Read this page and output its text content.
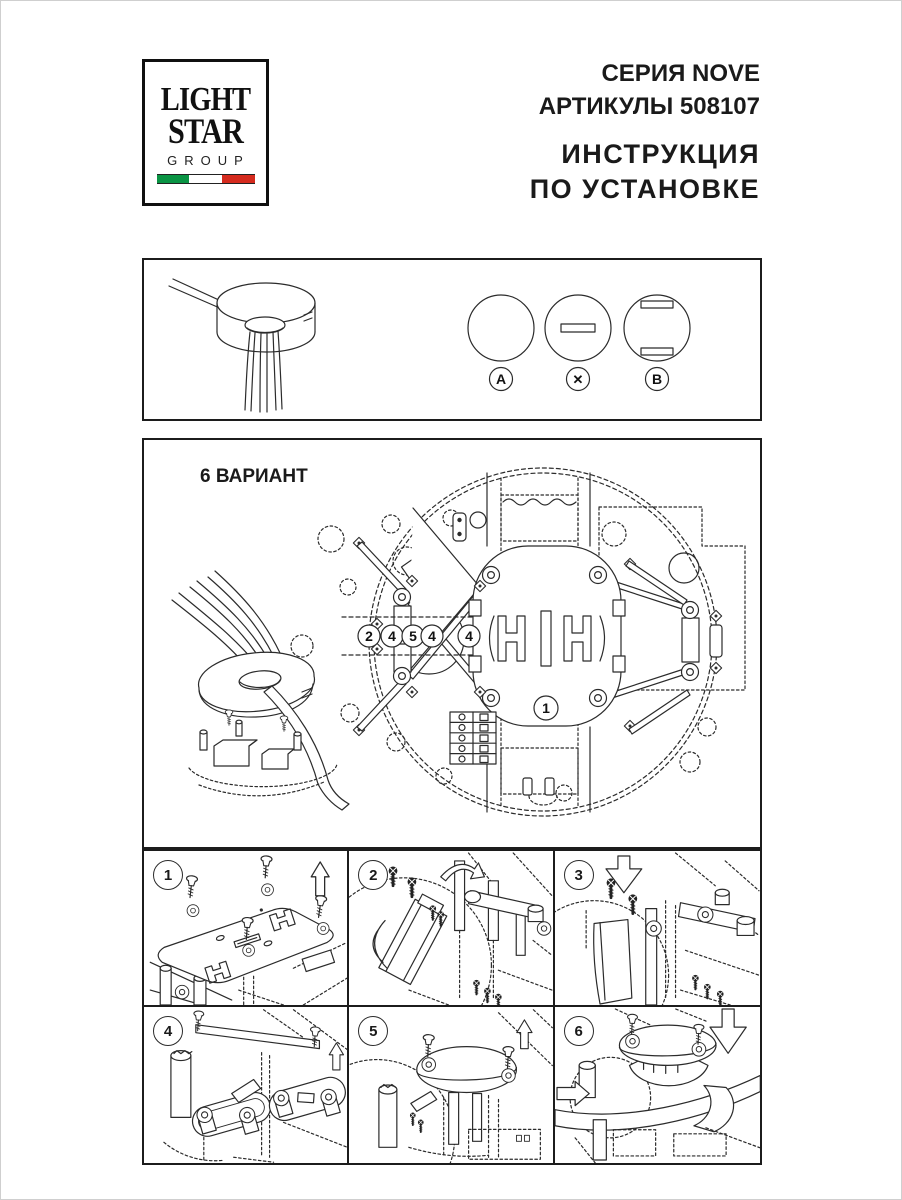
LIGHT
STAR
GROUP
СЕРИЯ NOVE
АРТИКУЛЫ 508107
ИНСТРУКЦИЯ
ПО УСТАНОВКЕ
A	✕	B
6 ВАРИАНТ
1
2 4 5 4 4
1	2	3
4	5	6
